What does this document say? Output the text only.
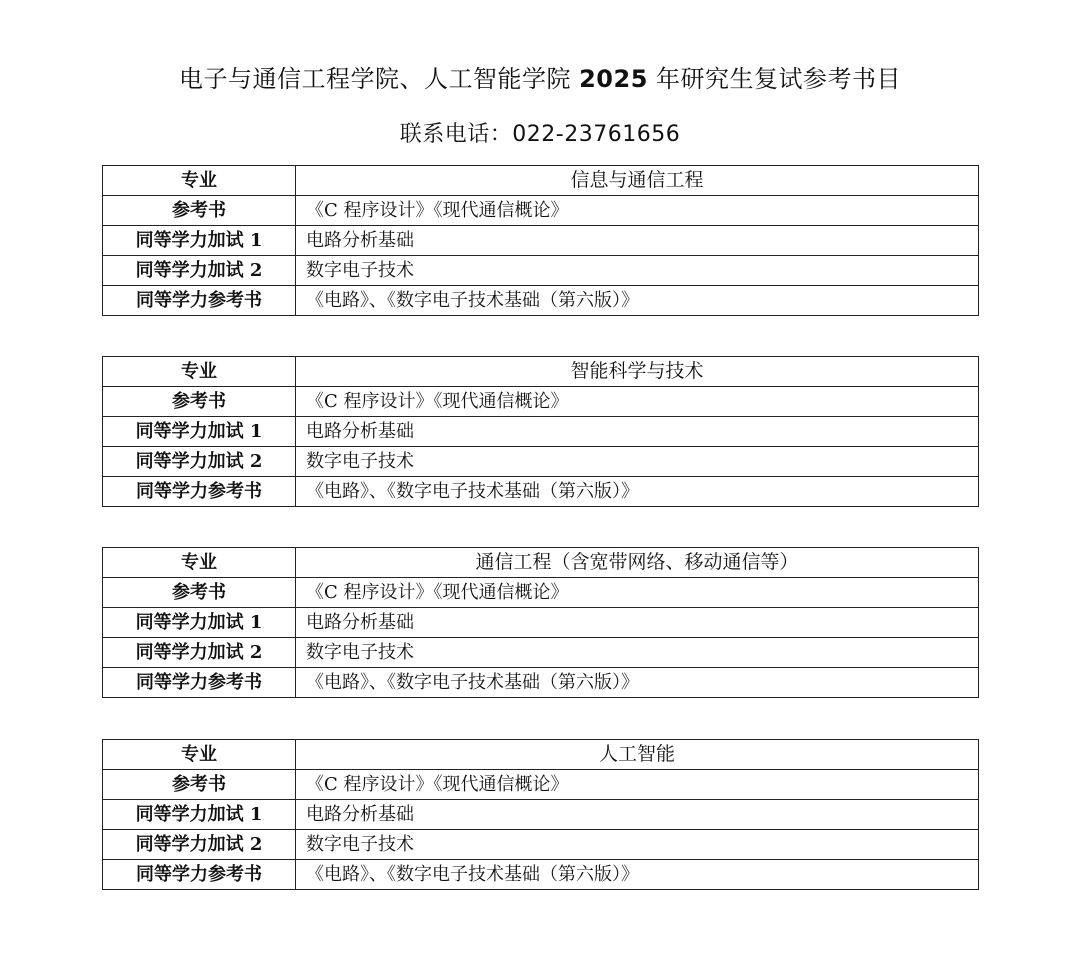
电子与通信工程学院、人工智能学院 2025 年研究生复试参考书目
联系电话：022-23761656
专业	信息与通信工程
参考书	《C 程序设计》《现代通信概论》
同等学力加试 1	电路分析基础
同等学力加试 2	数字电子技术
同等学力参考书	《电路》、《数字电子技术基础（第六版）》
专业	智能科学与技术
参考书	《C 程序设计》《现代通信概论》
同等学力加试 1	电路分析基础
同等学力加试 2	数字电子技术
同等学力参考书	《电路》、《数字电子技术基础（第六版）》
专业	通信工程（含宽带网络、移动通信等）
参考书	《C 程序设计》《现代通信概论》
同等学力加试 1	电路分析基础
同等学力加试 2	数字电子技术
同等学力参考书	《电路》、《数字电子技术基础（第六版）》
专业	人工智能
参考书	《C 程序设计》《现代通信概论》
同等学力加试 1	电路分析基础
同等学力加试 2	数字电子技术
同等学力参考书	《电路》、《数字电子技术基础（第六版）》
